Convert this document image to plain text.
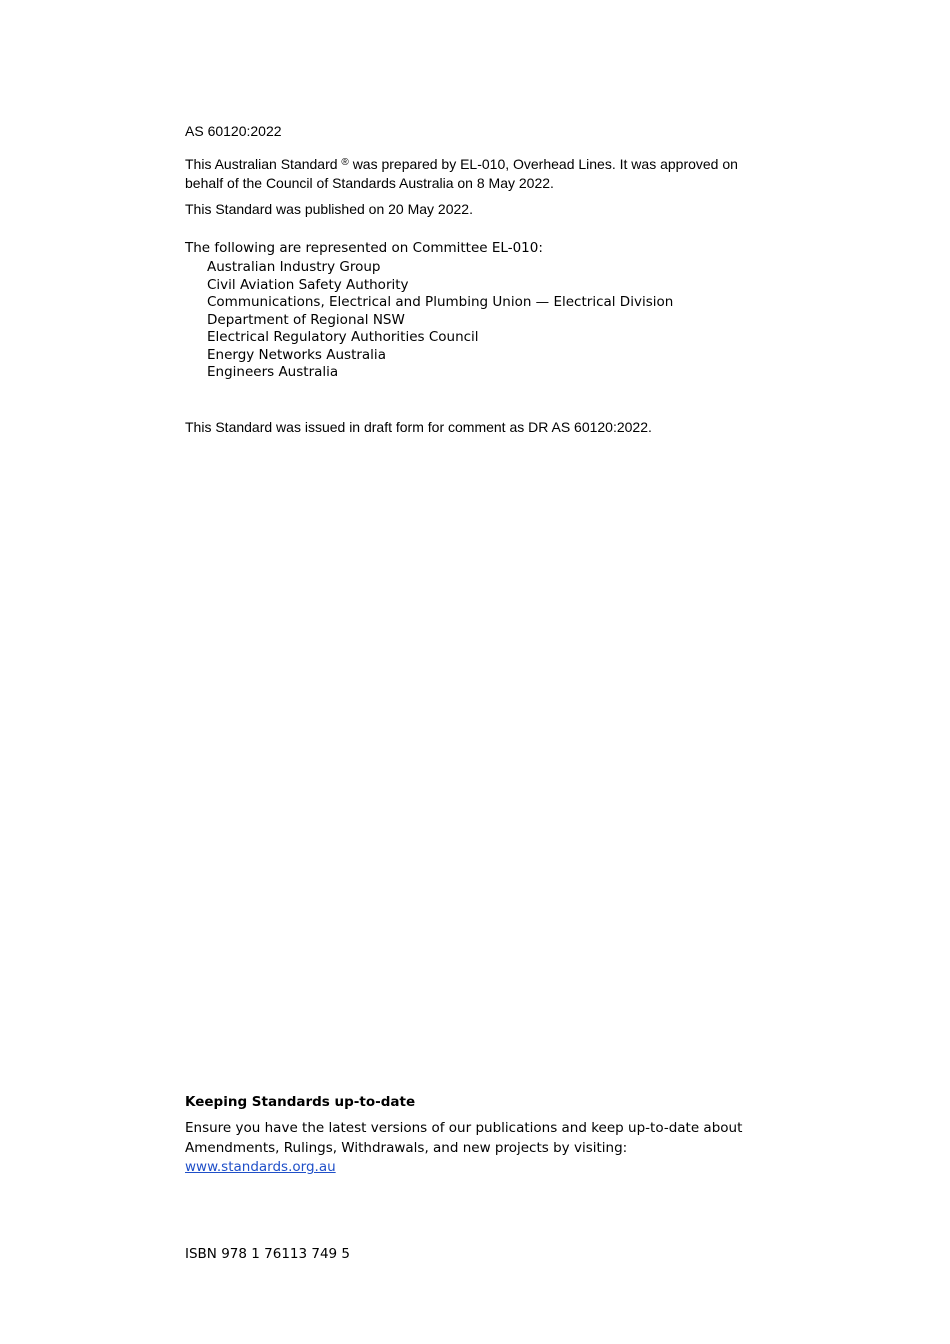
AS 60120:2022

This Australian Standard ® was prepared by EL-010, Overhead Lines. It was approved on behalf of the Council of Standards Australia on 8 May 2022.

This Standard was published on 20 May 2022.

The following are represented on Committee EL-010:

Australian Industry Group
Civil Aviation Safety Authority
Communications, Electrical and Plumbing Union — Electrical Division
Department of Regional NSW
Electrical Regulatory Authorities Council
Energy Networks Australia
Engineers Australia

This Standard was issued in draft form for comment as DR AS 60120:2022.

Keeping Standards up-to-date

Ensure you have the latest versions of our publications and keep up-to-date about Amendments, Rulings, Withdrawals, and new projects by visiting:
www.standards.org.au

ISBN 978 1 76113 749 5
